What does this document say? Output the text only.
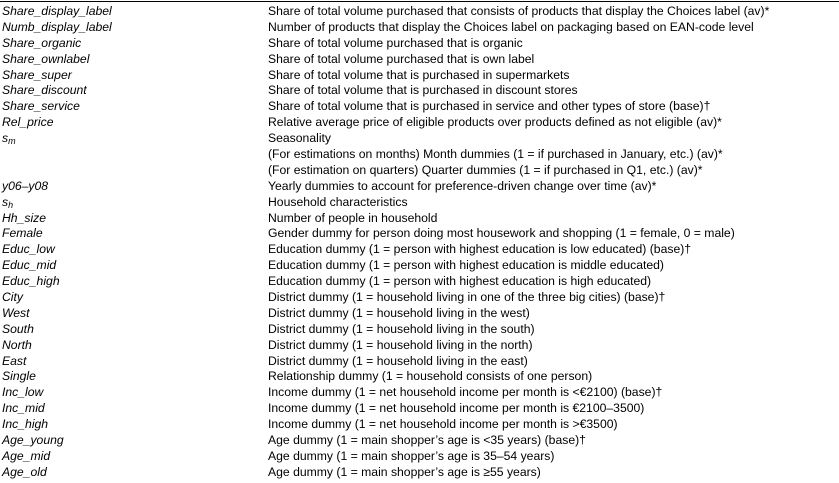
Share_display_label	Share of total volume purchased that consists of products that display the Choices label (av)*
Numb_display_label	Number of products that display the Choices label on packaging based on EAN-code level
Share_organic	Share of total volume purchased that is organic
Share_ownlabel	Share of total volume purchased that is own label
Share_super	Share of total volume that is purchased in supermarkets
Share_discount	Share of total volume that is purchased in discount stores
Share_service	Share of total volume that is purchased in service and other types of store (base)†
Rel_price	Relative average price of eligible products over products defined as not eligible (av)*
$s_m$	Seasonality
(For estimations on months) Month dummies (1 = if purchased in January, etc.) (av)*
(For estimation on quarters) Quarter dummies (1 = if purchased in Q1, etc.) (av)*
y06–y08	Yearly dummies to account for preference-driven change over time (av)*
$s_h$	Household characteristics
Hh_size	Number of people in household
Female	Gender dummy for person doing most housework and shopping (1 = female, 0 = male)
Educ_low	Education dummy (1 = person with highest education is low educated) (base)†
Educ_mid	Education dummy (1 = person with highest education is middle educated)
Educ_high	Education dummy (1 = person with highest education is high educated)
City	District dummy (1 = household living in one of the three big cities) (base)†
West	District dummy (1 = household living in the west)
South	District dummy (1 = household living in the south)
North	District dummy (1 = household living in the north)
East	District dummy (1 = household living in the east)
Single	Relationship dummy (1 = household consists of one person)
Inc_low	Income dummy (1 = net household income per month is <€2100) (base)†
Inc_mid	Income dummy (1 = net household income per month is €2100–3500)
Inc_high	Income dummy (1 = net household income per month is >€3500)
Age_young	Age dummy (1 = main shopper’s age is <35 years) (base)†
Age_mid	Age dummy (1 = main shopper’s age is 35–54 years)
Age_old	Age dummy (1 = main shopper’s age is ≥55 years)
